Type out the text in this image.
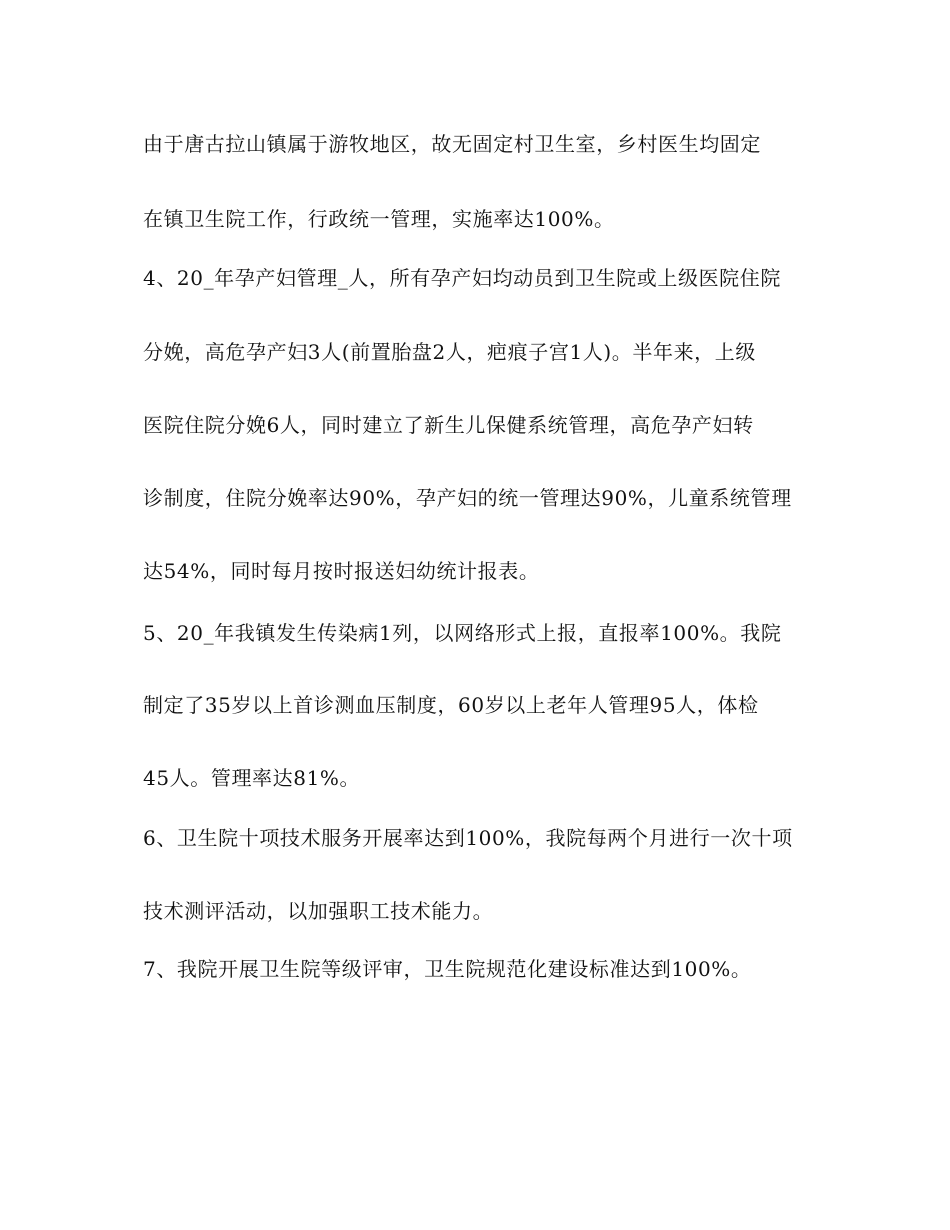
由于唐古拉山镇属于游牧地区，故无固定村卫生室，乡村医生均固定
在镇卫生院工作，行政统一管理，实施率达100%。
4、20_年孕产妇管理_人，所有孕产妇均动员到卫生院或上级医院住院
分娩，高危孕产妇3人(前置胎盘2人，疤痕子宫1人)。半年来，上级
医院住院分娩6人，同时建立了新生儿保健系统管理，高危孕产妇转
诊制度，住院分娩率达90%，孕产妇的统一管理达90%，儿童系统管理
达54%，同时每月按时报送妇幼统计报表。
5、20_年我镇发生传染病1列，以网络形式上报，直报率100%。我院
制定了35岁以上首诊测血压制度，60岁以上老年人管理95人，体检
45人。管理率达81%。
6、卫生院十项技术服务开展率达到100%，我院每两个月进行一次十项
技术测评活动，以加强职工技术能力。
7、我院开展卫生院等级评审，卫生院规范化建设标准达到100%。
